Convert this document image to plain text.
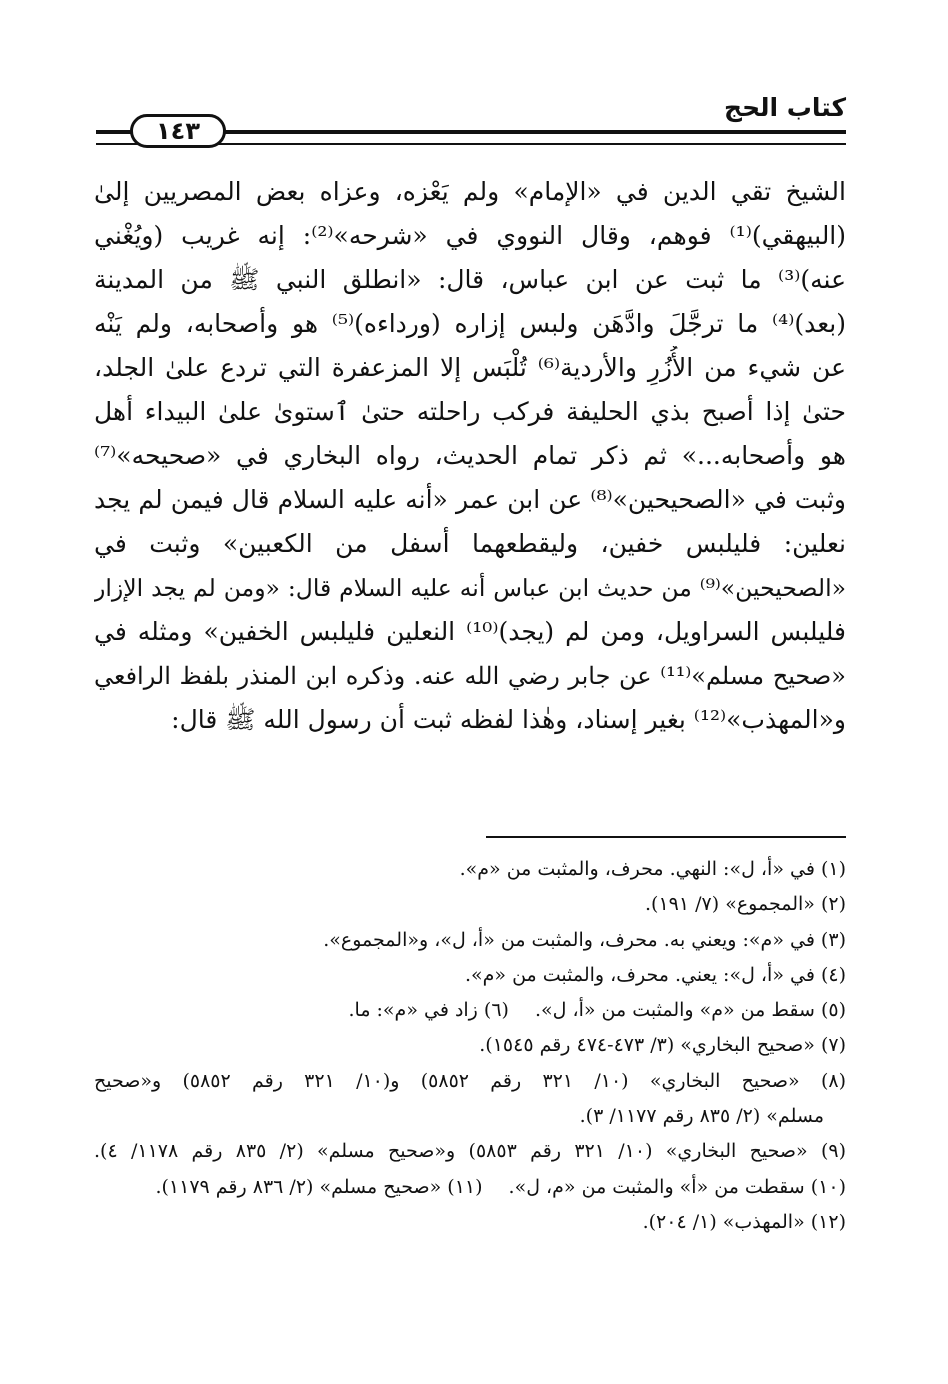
١٤٣
كتاب الحج
الشيخ تقي الدين في «الإمام» ولم يَعْزه، وعزاه بعض المصريين إلىٰ
(البيهقي)⁽¹⁾ فوهم، وقال النووي في «شرحه»⁽²⁾: إنه غريب (ويُغْني
عنه)⁽³⁾ ما ثبت عن ابن عباس، قال: «انطلق النبي ﷺ من المدينة
(بعد)⁽⁴⁾ ما ترجَّلَ وادَّهَن ولبس إزاره (ورداءه)⁽⁵⁾ هو وأصحابه، ولم يَنْه
عن شيء من الأُزُرِ والأردية⁽⁶⁾ تُلْبَس إلا المزعفرة التي تردع علىٰ الجلد،
حتىٰ إذا أصبح بذي الحليفة فركب راحلته حتىٰ ٱستوىٰ علىٰ البيداء أهل
هو وأصحابه...» ثم ذكر تمام الحديث، رواه البخاري في «صحيحه»⁽⁷⁾
وثبت في «الصحيحين»⁽⁸⁾ عن ابن عمر «أنه عليه السلام قال فيمن لم يجد
نعلين: فليلبس خفين، وليقطعهما أسفل من الكعبين» وثبت في
«الصحيحين»⁽⁹⁾ من حديث ابن عباس أنه عليه السلام قال: «ومن لم يجد الإزار
فليلبس السراويل، ومن لم (يجد)⁽¹⁰⁾ النعلين فليلبس الخفين» ومثله في
«صحيح مسلم»⁽¹¹⁾ عن جابر رضي الله عنه. وذكره ابن المنذر بلفظ الرافعي
و«المهذب»⁽¹²⁾ بغير إسناد، وهٰذا لفظه ثبت أن رسول الله ﷺ قال:
(١) في «أ، ل»: النهي. محرف، والمثبت من «م».
(٢) «المجموع» (٧/ ١٩١).
(٣) في «م»: ويعني به. محرف، والمثبت من «أ، ل»، و«المجموع».
(٤) في «أ، ل»: يعني. محرف، والمثبت من «م».
(٥) سقط من «م» والمثبت من «أ، ل».(٦) زاد في «م»: ما.
(٧) «صحيح البخاري» (٣/ ٤٧٣-٤٧٤ رقم ١٥٤٥).
(٨) «صحيح البخاري» (١٠/ ٣٢١ رقم ٥٨٥٢) و(١٠/ ٣٢١ رقم ٥٨٥٢) و«صحيح
مسلم» (٢/ ٨٣٥ رقم ١١٧٧/ ٣).
(٩) «صحيح البخاري» (١٠/ ٣٢١ رقم ٥٨٥٣) و«صحيح مسلم» (٢/ ٨٣٥ رقم ١١٧٨/ ٤).
(١٠) سقطت من «أ» والمثبت من «م، ل».(١١) «صحيح مسلم» (٢/ ٨٣٦ رقم ١١٧٩).
(١٢) «المهذب» (١/ ٢٠٤).
